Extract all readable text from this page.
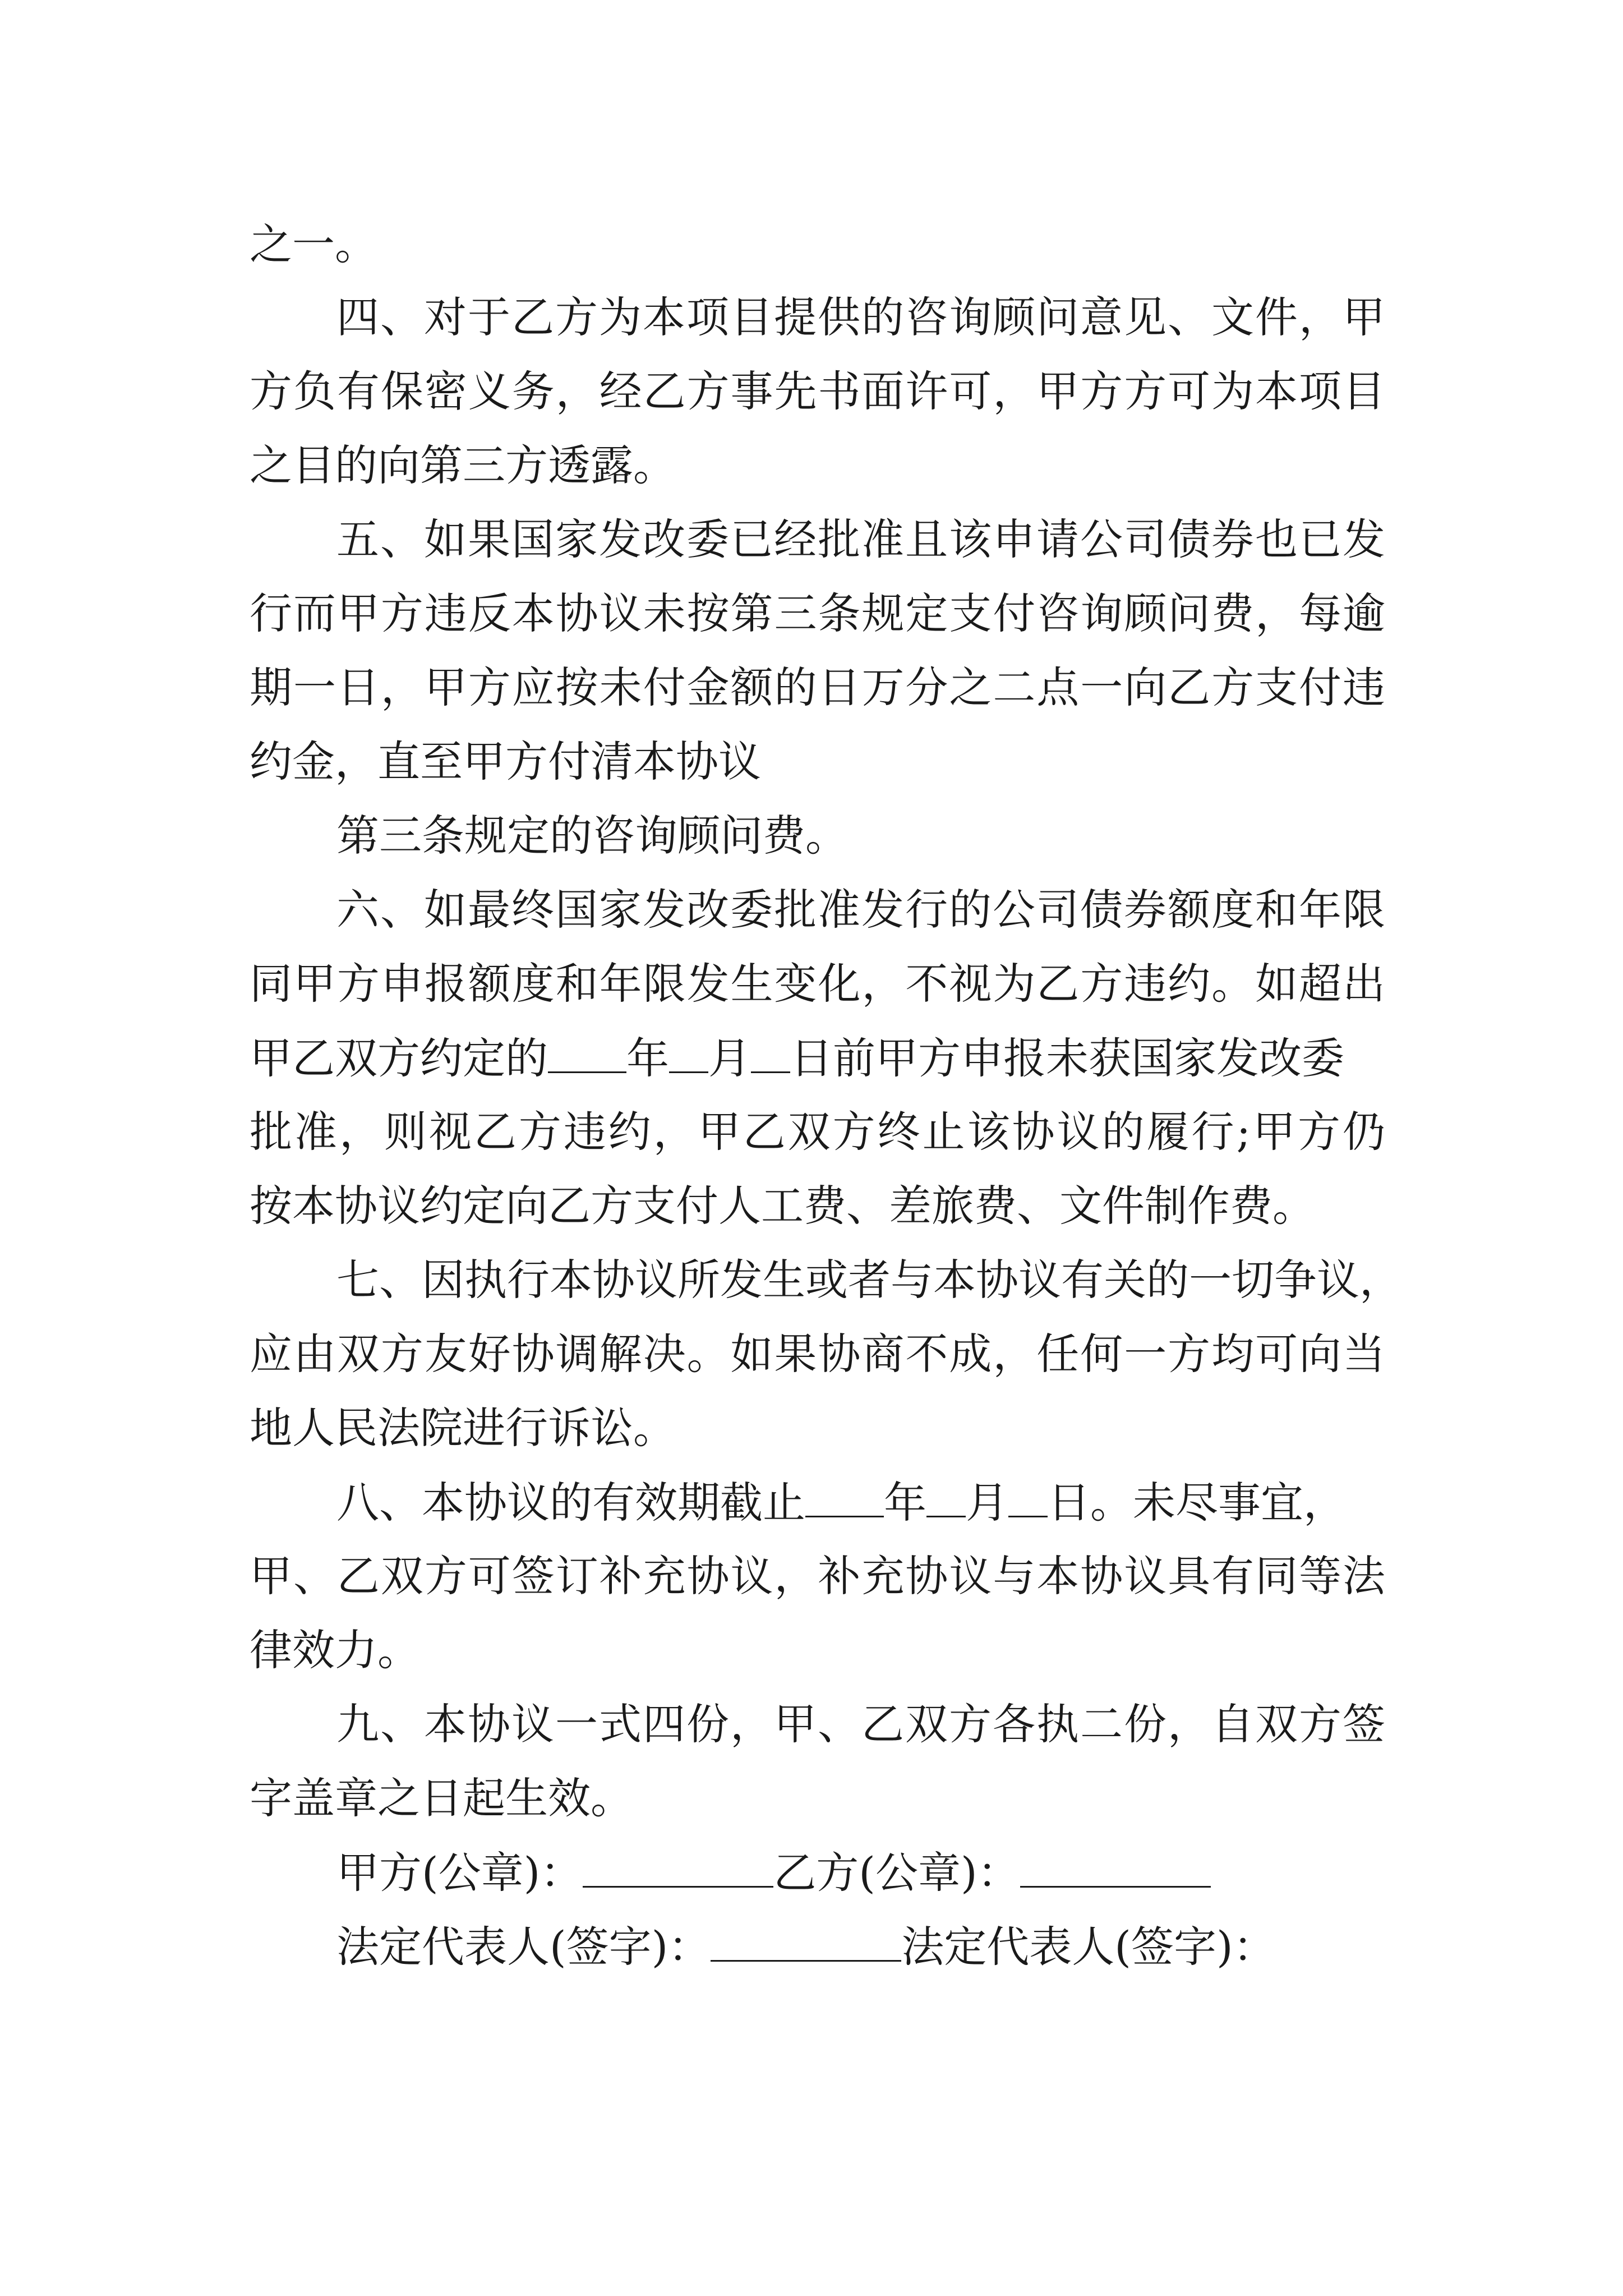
之一。
四、对于乙方为本项目提供的咨询顾问意见、文件，甲
方负有保密义务，经乙方事先书面许可，甲方方可为本项目
之目的向第三方透露。
五、如果国家发改委已经批准且该申请公司债券也已发
行而甲方违反本协议未按第三条规定支付咨询顾问费，每逾
期一日，甲方应按未付金额的日万分之二点一向乙方支付违
约金，直至甲方付清本协议
第三条规定的咨询顾问费。
六、如最终国家发改委批准发行的公司债券额度和年限
同甲方申报额度和年限发生变化，不视为乙方违约。如超出
甲乙双方约定的 年 月 日前甲方申报未获国家发改委
批准，则视乙方违约，甲乙双方终止该协议的履行;甲方仍
按本协议约定向乙方支付人工费、差旅费、文件制作费。
七、因执行本协议所发生或者与本协议有关的一切争议，
应由双方友好协调解决。如果协商不成，任何一方均可向当
地人民法院进行诉讼。
八、本协议的有效期截止 年 月 日。未尽事宜，
甲、乙双方可签订补充协议，补充协议与本协议具有同等法
律效力。
九、本协议一式四份，甲、乙双方各执二份，自双方签
字盖章之日起生效。
甲方(公章)：	乙方(公章)：
法定代表人(签字)：	法定代表人(签字)：
